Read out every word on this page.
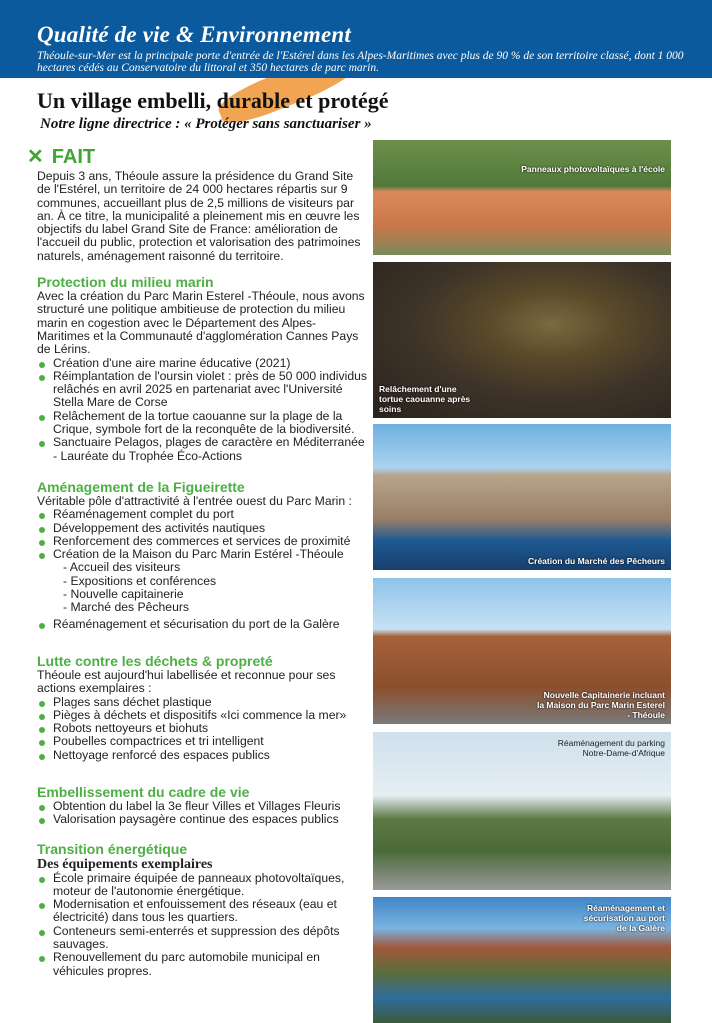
Qualité de vie & Environnement

Théoule-sur-Mer est la principale porte d'entrée de l'Estérel dans les Alpes-Maritimes avec plus de 90 % de son territoire classé, dont 1 000 hectares cédés au Conservatoire du littoral et 350 hectares de parc marin.

Un village embelli, durable et protégé
Notre ligne directrice : « Protéger sans sanctuariser »
✕ FAIT

Depuis 3 ans, Théoule assure la présidence du Grand Site de l'Estérel, un territoire de 24 000 hectares répartis sur 9 communes, accueillant plus de 2,5 millions de visiteurs par an. À ce titre, la municipalité a pleinement mis en œuvre les objectifs du label Grand Site de France: amélioration de l'accueil du public, protection et valorisation des patrimoines naturels, aménagement raisonné du territoire.

Protection du milieu marin

Avec la création du Parc Marin Esterel -Théoule, nous avons structuré une politique ambitieuse de protection du milieu marin en cogestion avec le Département des Alpes-Maritimes et la Communauté d'agglomération Cannes Pays de Lérins.

Création d'une aire marine éducative (2021)
Réimplantation de l'oursin violet : près de 50 000 individus relâchés en avril 2025 en partenariat avec l'Université Stella Mare de Corse
Relâchement de la tortue caouanne sur la plage de la Crique, symbole fort de la reconquête de la biodiversité.
Sanctuaire Pelagos, plages de caractère en Méditerranée - Lauréate du Trophée Éco-Actions
Aménagement de la Figueirette

Véritable pôle d'attractivité à l'entrée ouest du Parc Marin :

Réaménagement complet du port
Développement des activités nautiques
Renforcement des commerces et services de proximité
Création de la Maison du Parc Marin Estérel -Théoule
- Accueil des visiteurs
- Expositions et conférences
- Nouvelle capitainerie
- Marché des Pêcheurs
Réaménagement et sécurisation du port de la Galère
Lutte contre les déchets & propreté

Théoule est aujourd'hui labellisée et reconnue pour ses actions exemplaires :

Plages sans déchet plastique
Pièges à déchets et dispositifs «Ici commence la mer»
Robots nettoyeurs et biohuts
Poubelles compactrices et tri intelligent
Nettoyage renforcé des espaces publics
Embellissement du cadre de vie
Obtention du label la 3e fleur Villes et Villages Fleuris
Valorisation paysagère continue des espaces publics
Transition énergétique
Des équipements exemplaires
École primaire équipée de panneaux photovoltaïques, moteur de l'autonomie énergétique.
Modernisation et enfouissement des réseaux (eau et électricité) dans tous les quartiers.
Conteneurs semi-enterrés et suppression des dépôts sauvages.
Renouvellement du parc automobile municipal en véhicules propres.
Panneaux photovoltaïques à l'école
Relâchement d'une tortue caouanne après soins
Création du Marché des Pêcheurs
Nouvelle Capitainerie incluant la Maison du Parc Marin Esterel - Théoule
Réaménagement du parking Notre-Dame-d'Afrique
Réaménagement et sécurisation au port de la Galère
